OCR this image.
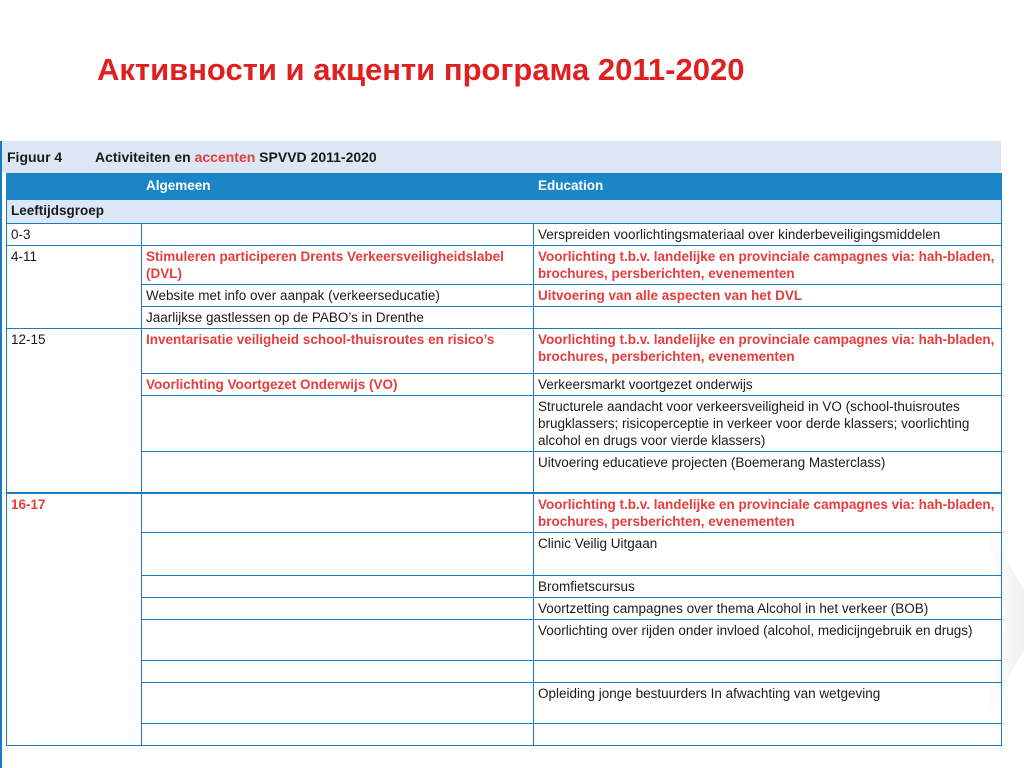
Активности и акценти програма 2011-2020
Figuur 4 Activiteiten en accenten SPVVD 2011-2020
	Algemeen	Education
Leeftijdsgroep		
0-3		Verspreiden voorlichtingsmateriaal over kinderbeveiligingsmiddelen
4-11	Stimuleren participeren Drents Verkeersveiligheidslabel (DVL)	Voorlichting t.b.v. landelijke en provinciale campagnes via: hah-bladen, brochures, persberichten, evenementen
	Website met info over aanpak (verkeerseducatie)	Uitvoering van alle aspecten van het DVL
	Jaarlijkse gastlessen op de PABO’s in Drenthe	
12-15	Inventarisatie veiligheid school-thuisroutes en risico’s	Voorlichting t.b.v. landelijke en provinciale campagnes via: hah-bladen, brochures, persberichten, evenementen
	Voorlichting Voortgezet Onderwijs (VO)	Verkeersmarkt voortgezet onderwijs
		Structurele aandacht voor verkeersveiligheid in VO (school-thuisroutes brugklassers; risicoperceptie in verkeer voor derde klassers; voorlichting alcohol en drugs voor vierde klassers)
		Uitvoering educatieve projecten (Boemerang Masterclass)
16-17		Voorlichting t.b.v. landelijke en provinciale campagnes via: hah-bladen, brochures, persberichten, evenementen
		Clinic Veilig Uitgaan
		Bromfietscursus
		Voortzetting campagnes over thema Alcohol in het verkeer (BOB)
		Voorlichting over rijden onder invloed (alcohol, medicijngebruik en drugs)

		Opleiding jonge bestuurders In afwachting van wetgeving
